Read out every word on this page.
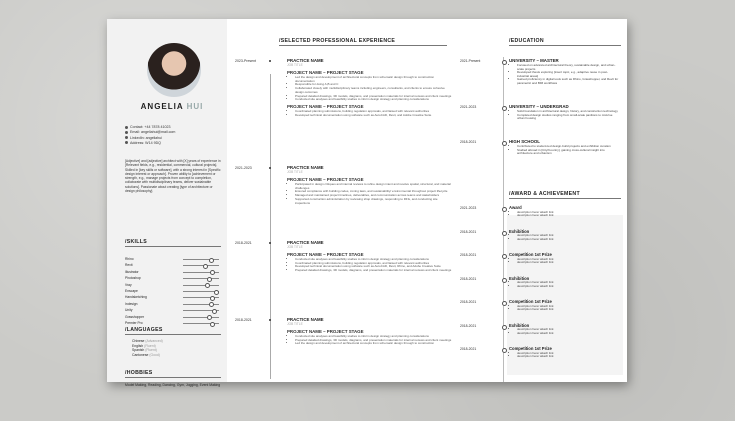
ANGELIA HUI
Contact: +44 7878 41023
Email: angeliahui@mail.com
LinkedIn: angeliahui
Address: W14 9DQ
[Adjective] and [adjective] architect with [X] years of experience in [Relevant fields, e.g., residential, commercial, cultural projects]. Skilled in [key skills or software], with a strong interest in [Specific design interest or approach]. Proven ability to [achievement or strength, e.g., manage projects from concept to completion, collaborate with multidisciplinary teams, deliver sustainable solutions]. Passionate about creating [type of architecture or design philosophy].
/SKILLS
Rhino
Revit
Illustrator
Photoshop
Vray
Enscape
Handsketching
Indesign
Unity
Grasshopper
Premier Pro
/LANGUAGES
Chinese (Advanced)
English (Fluent)
Spanish (Fluent)
Cantonese (Good)
/HOBBIES
Model Making, Reading, Dancing, Gym, Jogging, Event Making
/SELECTED PROFESSIONAL EXPERIENCE
2023-Present	PRACTICE NAME
JOB TITLE
PROJECT NAME – PROJECT STAGE
• Led the design and development of architectural concepts from schematic design through to construction documentation
• Responsible for doing A,B and C
• Collaborated closely with multidisciplinary teams including engineers, consultants, and clients to ensure cohesive design outcomes
• Prepared detailed drawings, 3D models, diagrams, and presentation materials for internal reviews and client meetings
• Conducted site analyses and feasibility studies to inform design strategy and planning considerations
PROJECT NAME – PROJECT STAGE
• Coordinated planning submissions, building regulation approvals, and liaised with relevant authorities
• Developed technical documentation using software such as AutoCAD, Revit, and Adobe Creative Suite
2021-2023	PRACTICE NAME
JOB TITLE
PROJECT NAME – PROJECT STAGE
• Participated in design critiques and internal reviews to refine design intent and resolve spatial, structural, and material challenges
• Ensured compliance with building codes, zoning laws, and sustainability/ environmental throughout project lifecycle
• Managed and maintained project timelines, deliverables, and communication across teams and stakeholders
• Supported construction administration by reviewing shop drawings, responding to RFIs, and conducting site inspections
2018-2021	PRACTICE NAME
JOB TITLE
PROJECT NAME – PROJECT STAGE
• Conducted site analyses and feasibility studies to inform design strategy and planning considerations
• Coordinated planning submissions, building regulation approvals, and liaised with relevant authorities
• Developed technical documentation using software such as AutoCAD, Revit, Rhino, and Adobe Creative Suite
• Prepared detailed drawings, 3D models, diagrams, and presentation materials for internal reviews and client meetings
2018-2021	PRACTICE NAME
JOB TITLE
PROJECT NAME – PROJECT STAGE
• Conducted site analyses and feasibility studies to inform design strategy and planning considerations
• Prepared detailed drawings, 3D models, diagrams, and presentation materials for internal reviews and client meetings
• Led the design and development of architectural concepts from schematic design through to construction
/EDUCATION
2021-Present	UNIVERSITY – MASTER
• Focused on advanced architectural theory, sustainable design, and urban-scale projects
• Developed thesis exploring [insert topic, e.g., adaptive reuse in post-industrial areas]
• Gained proficiency in digital tools such as Rhino, Grasshopper, and Revit for parametric and BIM workflows
2021-2023	UNIVERSITY – UNDERGRAD
• Solid foundation in architectural design, history, and construction technology
• Completed design studios ranging from small-scale pavilions to mid-rise urban housing
2018-2021	HIGH SCHOOL
• Contributed to student-led design-build projects and exhibition curation
• Studied abroad in [City/Country], gaining cross-cultural insight into architecture and urbanism
/AWARD & ACHIEVEMENT
2021-2023	Award
• description here/ attach link
• description here/ attach link
2018-2021	Exhibition
• description here/ attach link
• description here/ attach link
2018-2021	Competition 1st Prize
• description here/ attach link
• description here/ attach link
2018-2021	Exhibition
• description here/ attach link
• description here/ attach link
2018-2021	Competition 1st Prize
• description here/ attach link
• description here/ attach link
2018-2021	Exhibition
• description here/ attach link
• description here/ attach link
2018-2021	Competition 1st Prize
• description here/ attach link
• description here/ attach link
